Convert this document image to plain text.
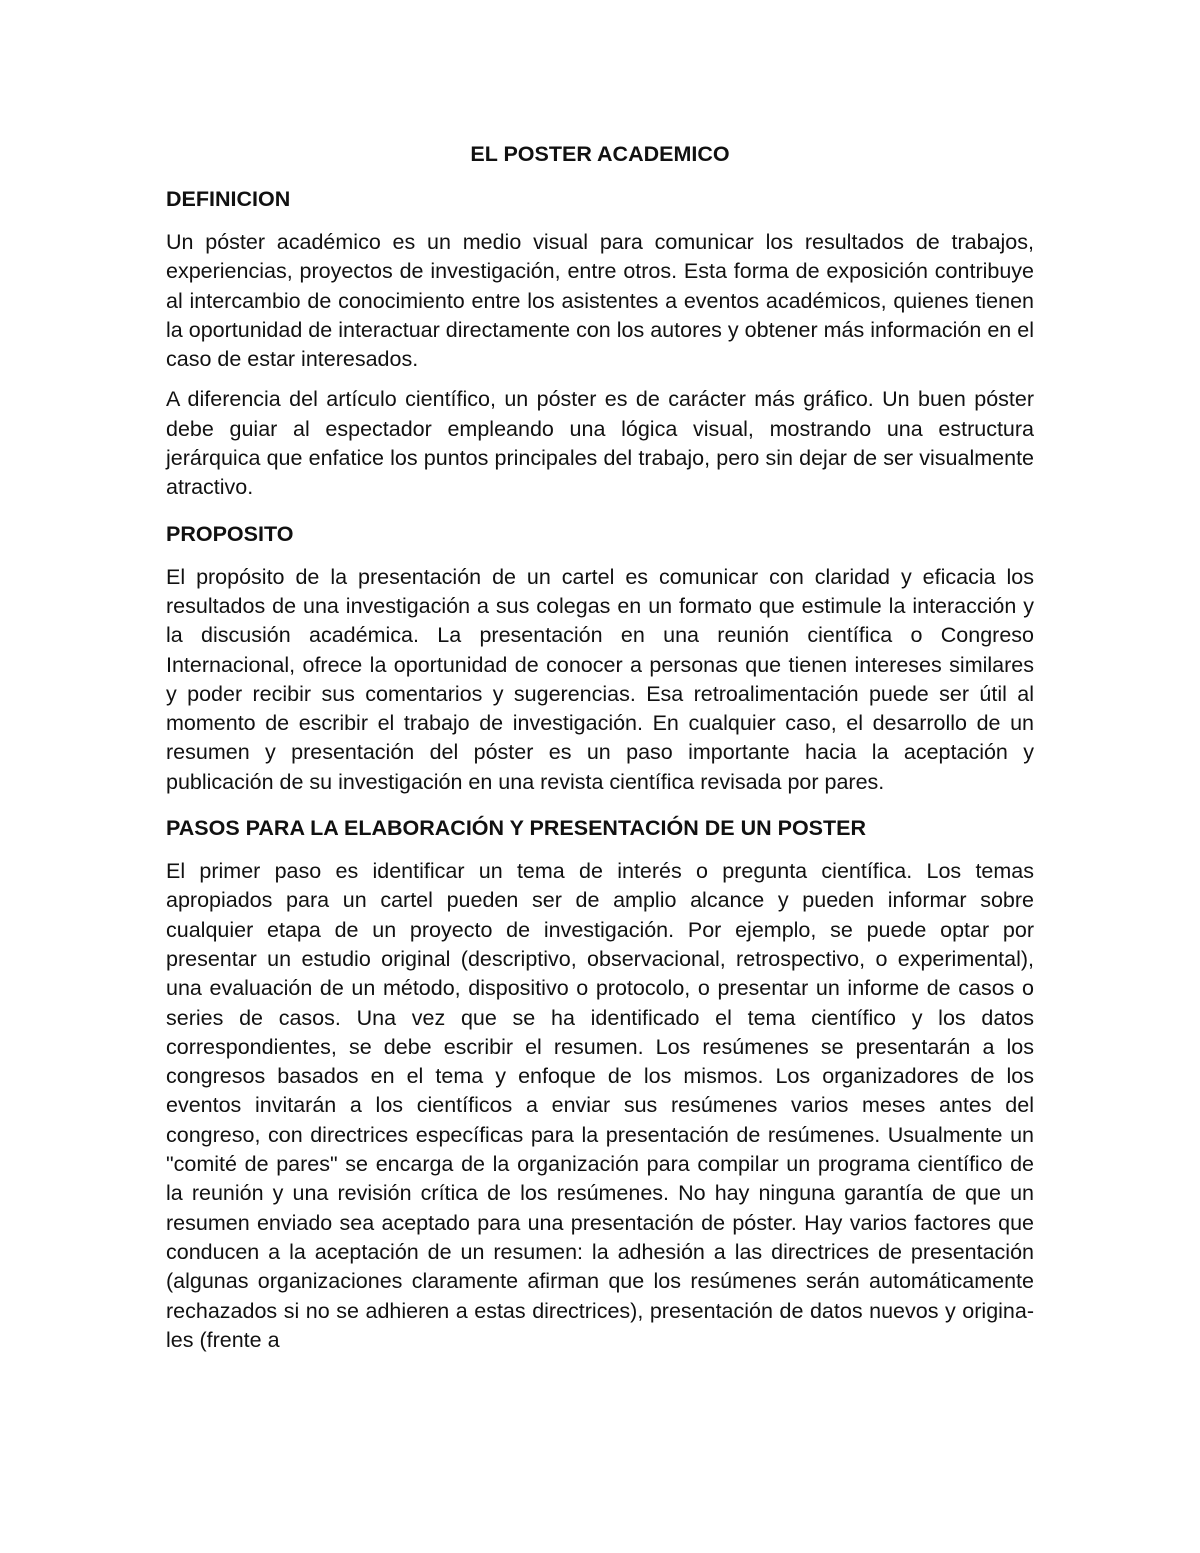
EL POSTER ACADEMICO
DEFINICION

Un póster académico es un medio visual para comunicar los resultados de trabajos, experiencias, proyectos de investigación, entre otros. Esta forma de exposición contribuye al intercambio de conocimiento entre los asistentes a eventos académicos, quienes tienen la oportunidad de interactuar directamente con los autores y obtener más información en el caso de estar interesados.

A diferencia del artículo científico, un póster es de carácter más gráfico. Un buen póster debe guiar al espectador empleando una lógica visual, mostrando una estructura jerárquica que enfatice los puntos principales del trabajo, pero sin dejar de ser visualmente atractivo.

PROPOSITO

El propósito de la presentación de un cartel es comunicar con claridad y eficacia los resultados de una investigación a sus colegas en un formato que estimule la interacción y la discusión académica. La presentación en una reunión científica o Congreso Internacional, ofrece la oportunidad de conocer a personas que tienen intereses similares y poder recibir sus comentarios y sugerencias. Esa retroalimentación puede ser útil al momento de escribir el trabajo de investigación. En cualquier caso, el desarrollo de un resumen y presentación del póster es un paso importante hacia la aceptación y publicación de su investigación en una revista científica revisada por pares.

PASOS PARA LA ELABORACIÓN Y PRESENTACIÓN DE UN POSTER

El primer paso es identificar un tema de interés o pregunta científica. Los temas apropiados para un cartel pueden ser de amplio alcance y pueden informar sobre cualquier etapa de un proyecto de investigación. Por ejemplo, se puede optar por presentar un estudio original (descriptivo, observacional, retrospectivo, o experimental), una evaluación de un método, dispositivo o protocolo, o presentar un informe de casos o series de casos. Una vez que se ha identificado el tema científico y los datos correspondientes, se debe escribir el resumen. Los resúmenes se presentarán a los congresos basados en el tema y enfoque de los mismos. Los organizadores de los eventos invitarán a los científicos a enviar sus resúmenes varios meses antes del congreso, con directrices específicas para la presentación de resúmenes. Usualmente un "comité de pares" se encarga de la organización para compilar un programa científico de la reunión y una revisión crítica de los resúmenes. No hay ninguna garantía de que un resumen enviado sea aceptado para una presentación de póster. Hay varios factores que conducen a la aceptación de un resumen: la adhesión a las directrices de presentación (algunas organizaciones claramente afirman que los resúmenes serán automáticamente rechazados si no se adhieren a estas directrices), presentación de datos nuevos y origina-les (frente a
